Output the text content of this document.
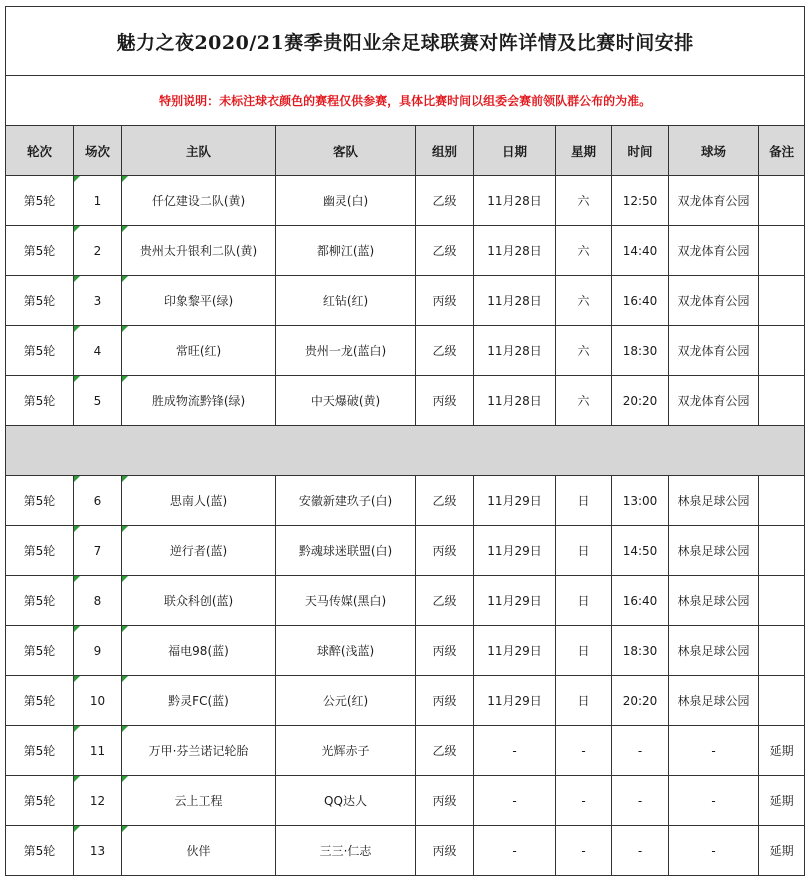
魅力之夜2020/21赛季贵阳业余足球联赛对阵详情及比赛时间安排									
特别说明：未标注球衣颜色的赛程仅供参赛，具体比赛时间以组委会赛前领队群公布的为准。									
轮次	场次	主队	客队	组别	日期	星期	时间	球场	备注
第5轮	1	仟亿建设二队(黄)	幽灵(白)	乙级	11月28日	六	12:50	双龙体育公园	
第5轮	2	贵州太升银利二队(黄)	都柳江(蓝)	乙级	11月28日	六	14:40	双龙体育公园	
第5轮	3	印象黎平(绿)	红钻(红)	丙级	11月28日	六	16:40	双龙体育公园	
第5轮	4	常旺(红)	贵州一龙(蓝白)	乙级	11月28日	六	18:30	双龙体育公园	
第5轮	5	胜成物流黔锋(绿)	中天爆破(黄)	丙级	11月28日	六	20:20	双龙体育公园	

第5轮	6	思南人(蓝)	安徽新建玖子(白)	乙级	11月29日	日	13:00	林泉足球公园	
第5轮	7	逆行者(蓝)	黔魂球迷联盟(白)	丙级	11月29日	日	14:50	林泉足球公园	
第5轮	8	联众科创(蓝)	天马传媒(黑白)	乙级	11月29日	日	16:40	林泉足球公园	
第5轮	9	福电98(蓝)	球醉(浅蓝)	丙级	11月29日	日	18:30	林泉足球公园	
第5轮	10	黔灵FC(蓝)	公元(红)	丙级	11月29日	日	20:20	林泉足球公园	
第5轮	11	万甲·芬兰诺记轮胎	光辉赤子	乙级	-	-	-	-	延期
第5轮	12	云上工程	QQ达人	丙级	-	-	-	-	延期
第5轮	13	伙伴	三三·仁志	丙级	-	-	-	-	延期
